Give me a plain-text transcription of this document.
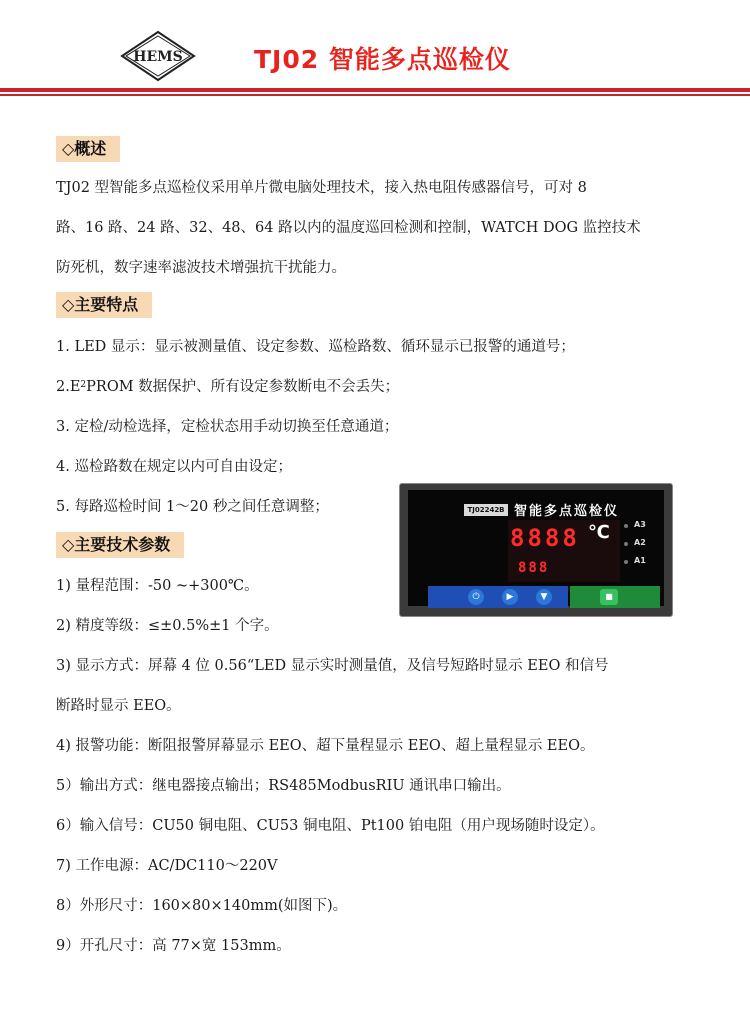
HEMS	TJ02 智能多点巡检仪
◇概述
TJ02 型智能多点巡检仪采用单片微电脑处理技术，接入热电阻传感器信号，可对 8
路、16 路、24 路、32、48、64 路以内的温度巡回检测和控制，WATCH DOG 监控技术
防死机，数字速率滤波技术增强抗干扰能力。
◇主要特点
1. LED 显示：显示被测量值、设定参数、巡检路数、循环显示已报警的通道号；
$2.E^2PROM$ 数据保护、所有设定参数断电不会丢失；
3. 定检/动检选择，定检状态用手动切换至任意通道；
4. 巡检路数在规定以内可自由设定；
5. 每路巡检时间 1～20 秒之间任意调整；	TJ02242B 智能多点巡检仪
8888 ℃
888
A3
A2
A1
⏻	▶	▼	■
◇主要技术参数
1) 量程范围：-50 ~+300℃。
2) 精度等级：≤±0.5%±1 个字。
3) 显示方式：屏幕 4 位 0.56“LED 显示实时测量值，及信号短路时显示 EEO 和信号
断路时显示 EEO。
4) 报警功能：断阻报警屏幕显示 EEO、超下量程显示 EEO、超上量程显示 EEO。
5）输出方式：继电器接点输出；RS485ModbusRIU 通讯串口输出。
6）输入信号：CU50 铜电阻、CU53 铜电阻、Pt100 铂电阻（用户现场随时设定）。
7) 工作电源：AC/DC110～220V
8）外形尺寸：160×80×140mm(如图下)。
9）开孔尺寸：高 77×宽 153mm。
